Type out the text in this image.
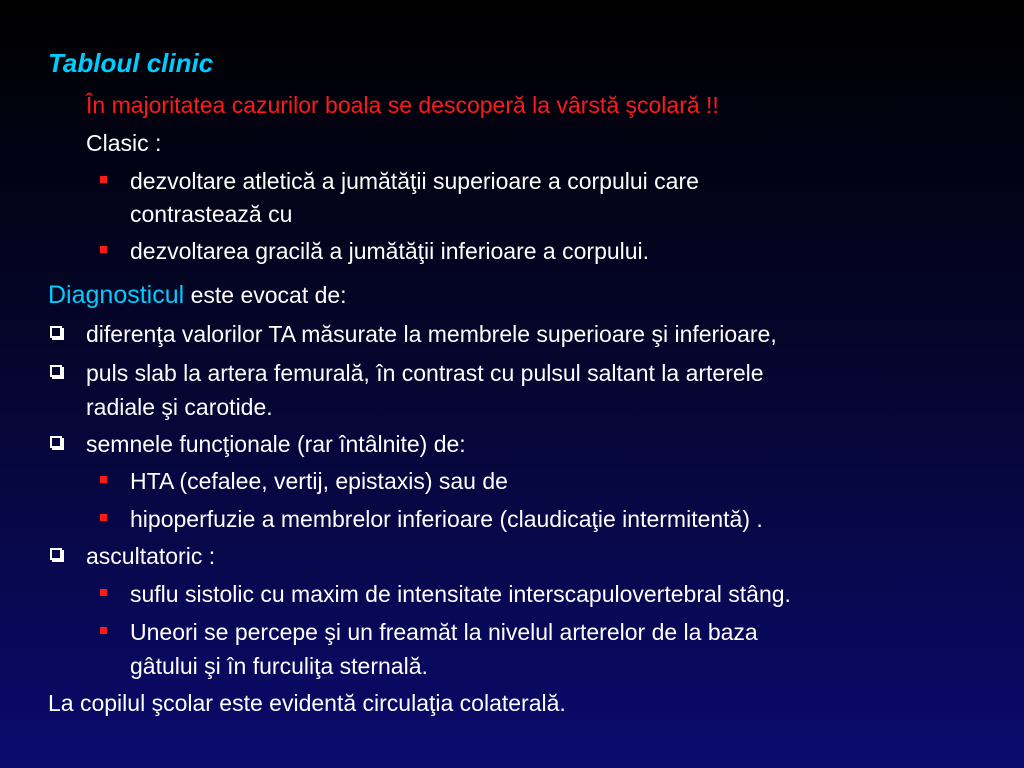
Tabloul clinic
În majoritatea cazurilor boala se descoperă la vârstă şcolară !!
Clasic :
dezvoltare atletică a jumătăţii superioare a corpului care
contrastează cu
dezvoltarea gracilă a jumătăţii inferioare a corpului.
Diagnosticul este evocat de:
diferenţa valorilor TA măsurate la membrele superioare şi inferioare,
puls slab la artera femurală, în contrast cu pulsul saltant la arterele
radiale şi carotide.
semnele funcţionale (rar întâlnite) de:
HTA (cefalee, vertij, epistaxis) sau de
hipoperfuzie a membrelor inferioare (claudicaţie intermitentă) .
ascultatoric :
suflu sistolic cu maxim de intensitate interscapulovertebral stâng.
Uneori se percepe şi un freamăt la nivelul arterelor de la baza
gâtului şi în furculiţa sternală.
La copilul şcolar este evidentă circulaţia colaterală.
